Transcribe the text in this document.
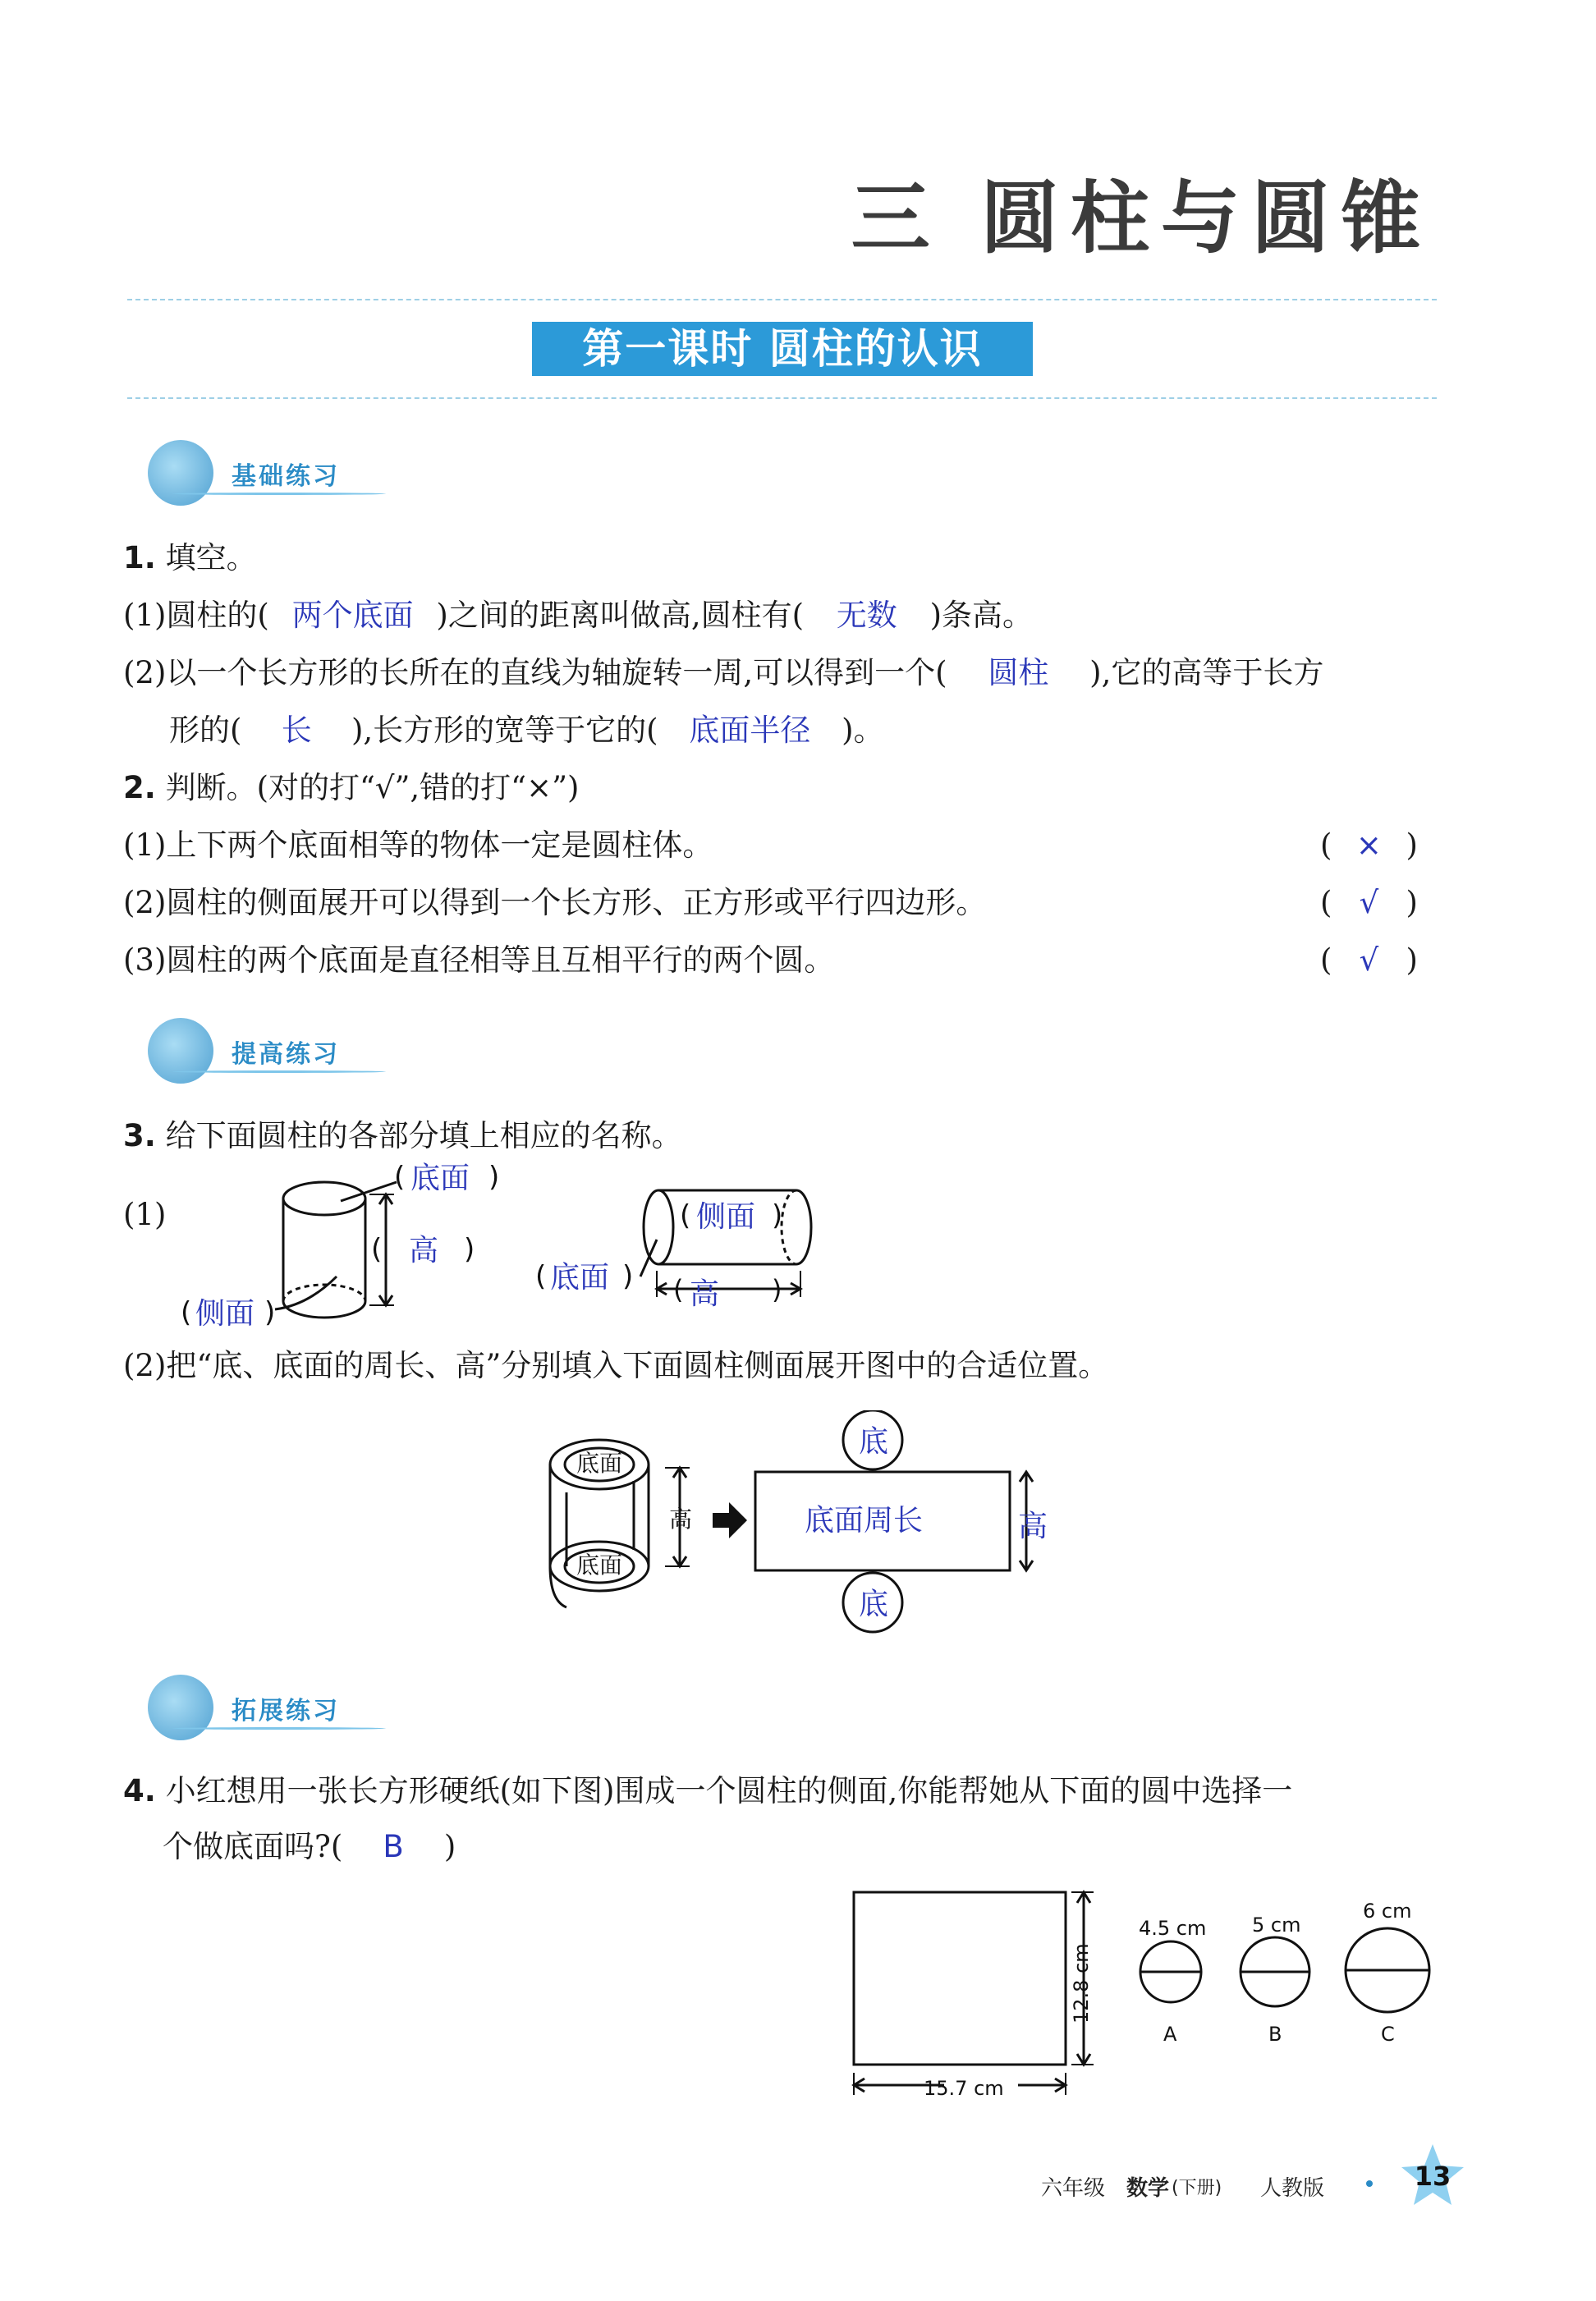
三 圆柱与圆锥
第一课时 圆柱的认识
基础练习
1. 填空。
(1)圆柱的( 两个底面 )之间的距离叫做高,圆柱有( 无数 )条高。
(2)以一个长方形的长所在的直线为轴旋转一周,可以得到一个( 圆柱 ),它的高等于长方
形的( 长 ),长方形的宽等于它的( 底面半径 )。
2. 判断。(对的打“√”,错的打“×”)
(1)上下两个底面相等的物体一定是圆柱体。	( × )
(2)圆柱的侧面展开可以得到一个长方形、正方形或平行四边形。	( √ )
(3)圆柱的两个底面是直径相等且互相平行的两个圆。	( √ )
提高练习
3. 给下面圆柱的各部分填上相应的名称。
(1)
( 底面 )
( 高 )
( 侧面 )
( 侧面 )
( 底面 ) ( 高 )
(2)把“底、底面的周长、高”分别填入下面圆柱侧面展开图中的合适位置。
底面
底面
高
底
底面周长	高
底
拓展练习
4. 小红想用一张长方形硬纸(如下图)围成一个圆柱的侧面,你能帮她从下面的圆中选择一
个做底面吗?( B )
15.7 cm
12.8 cm
4.5 cm 5 cm
6 cm
A	B	C
六年级 数学 (下册) 人教版	13
